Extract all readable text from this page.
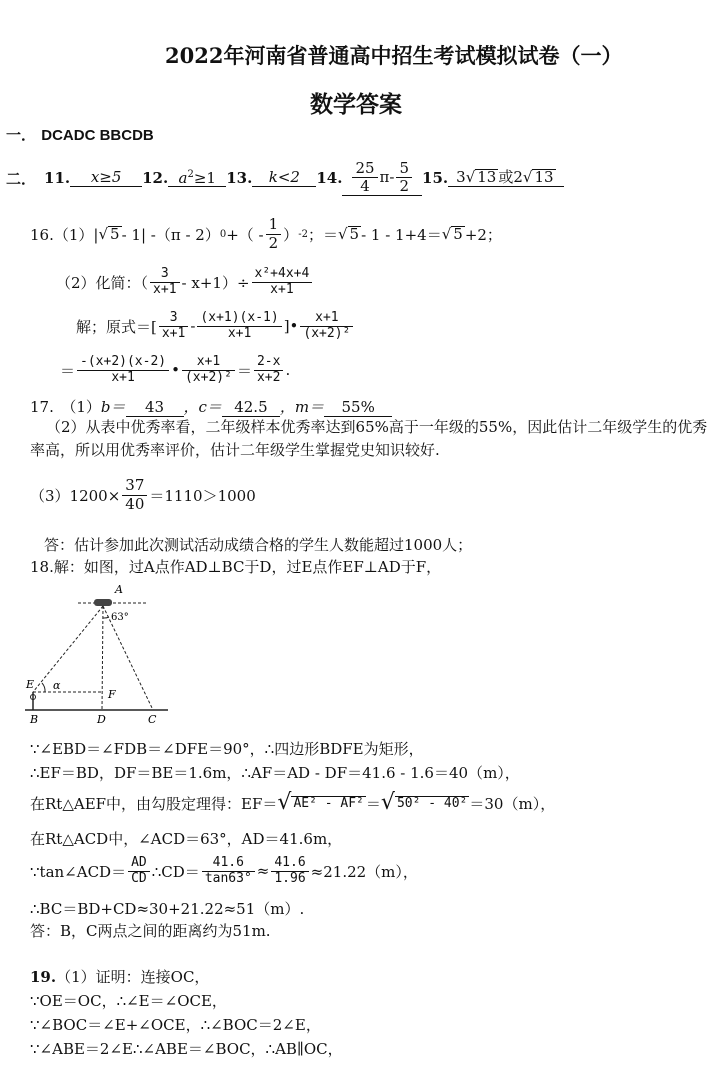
2022年河南省普通高中招生考试模拟试卷（一）
数学答案
一． DCADC BBCDB
二． 11.	x≥5	12. $a^2\ge 1$ 13.	k<2	14. $\frac{25}{4} \pi- \frac{5}{2} 15$. 3√ 13 或2√ 13
16.（1）| √ 5 - 1| -（π - 2） 0 +（ - $\frac{1}{2}$ ） -2 ；＝ √ 5 - 1 - 1+4＝ √ 5 +2；
（2）化简：（ $\frac{3}{x+1} - x+1)\div \frac{\text{x²+4x+4}}{x+1}$
解；原式＝[ $\frac{3}{x+1} - \frac{(x+1)(x-1)}{x+1}$ ]• $\frac{x+1}{\text{(x+2)²}}$
＝ $\frac{-(x+2)(x-2)}{x+1}$ • $\frac{x+1}{\text{(x+2)²}} = \frac{2-x}{x+2}$ .
17.　（1）b＝ 43 ，c＝ 42.5 ，m＝ 55%
（2）从表中优秀率看，二年级样本优秀率达到65%高于一年级的55%，因此估计二年级学生的优秀率高，所以用优秀率评价，估计二年级学生掌握党史知识较好.
$(3)1200\times \frac{37}{40} =1110>1000$
答：估计参加此次测试活动成绩合格的学生人数能超过1000人；
18.解：如图，过A点作AD⊥BC于D，过E点作EF⊥AD于F，
A
63°
E α
F
B	D	C
∵∠EBD＝∠FDB＝∠DFE＝90°，∴四边形BDFE为矩形，
∴EF＝BD，DF＝BE＝1.6m，∴AF＝AD - DF＝41.6 - 1.6＝40（m），
在Rt△AEF中，由勾股定理得：EF＝ √ AE² - AF² ＝ √ 50² - 40² ＝30（m），
在Rt△ACD中，∠ACD＝63°，AD＝41.6m，
∵tan∠ACD＝ $\frac{AD}{CD}$ ∴CD＝ $\frac{41.6}{\tan 63^\circ} \approx \frac{41.6}{1.96} \approx 21.22(m)$，
∴BC＝BD+CD≈30+21.22≈51（m）.
答：B，C两点之间的距离约为51m.
19.（1）证明：连接OC，
∵OE＝OC，∴∠E＝∠OCE，
∵∠BOC＝∠E+∠OCE，∴∠BOC＝2∠E，
∵∠ABE＝2∠E∴∠ABE＝∠BOC，∴AB∥OC，
